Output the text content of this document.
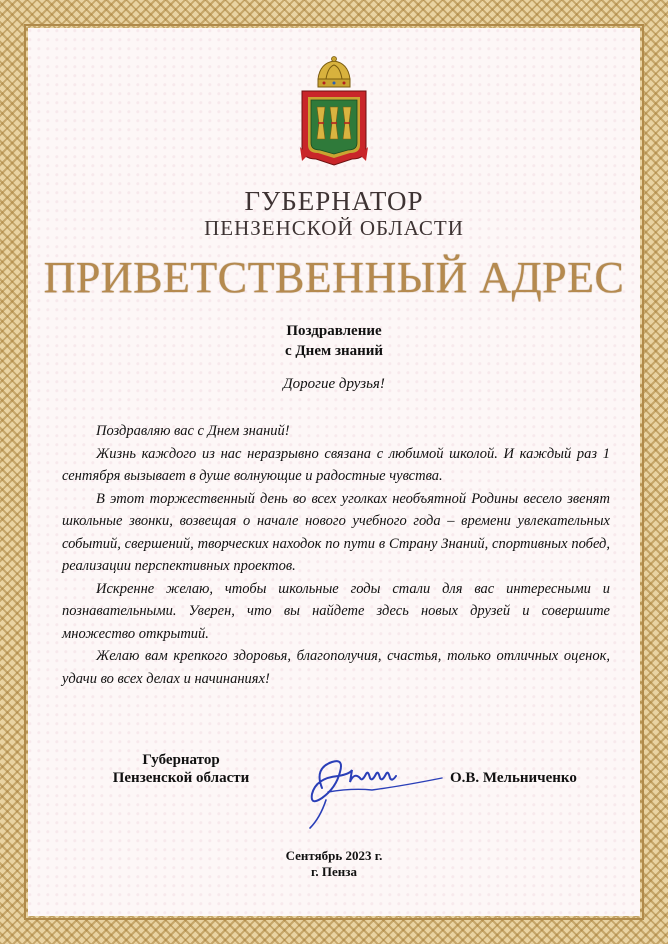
ГУБЕРНАТОР
ПЕНЗЕНСКОЙ ОБЛАСТИ
ПРИВЕТСТВЕННЫЙ АДРЕС
Поздравление
с Днем знаний
Дорогие друзья!

Поздравляю вас с Днем знаний!

Жизнь каждого из нас неразрывно связана с любимой школой. И каждый раз 1 сентября вызывает в душе волнующие и радостные чувства.

В этот торжественный день во всех уголках необъятной Родины весело звенят школьные звонки, возвещая о начале нового учебного года – времени увлекательных событий, свершений, творческих находок по пути в Страну Знаний, спортивных побед, реализации перспективных проектов.

Искренне желаю, чтобы школьные годы стали для вас интересными и познавательными. Уверен, что вы найдете здесь новых друзей и совершите множество открытий.

Желаю вам крепкого здоровья, благополучия, счастья, только отличных оценок, удачи во всех делах и начинаниях!

Губернатор
Пензенской области	О.В. Мельниченко
Сентябрь 2023 г.
г. Пенза
